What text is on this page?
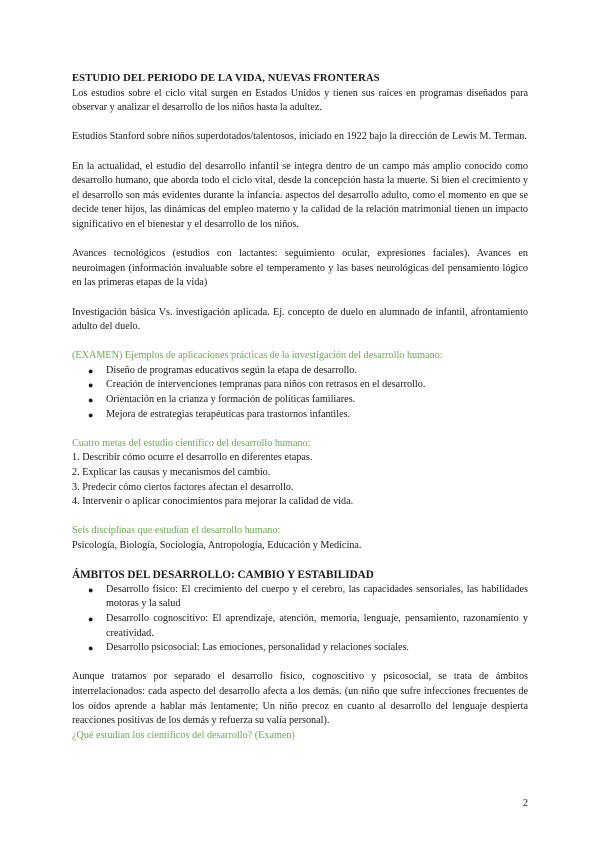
ESTUDIO DEL PERIODO DE LA VIDA, NUEVAS FRONTERAS

Los estudios sobre el ciclo vital surgen en Estados Unidos y tienen sus raíces en programas diseñados para observar y analizar el desarrollo de los niños hasta la adultez.

Estudios Stanford sobre niños superdotados/talentosos, iniciado en 1922 bajo la dirección de Lewis M. Terman.

En la actualidad, el estudio del desarrollo infantil se integra dentro de un campo más amplio conocido como desarrollo humano, que aborda todo el ciclo vital, desde la concepción hasta la muerte. Si bien el crecimiento y el desarrollo son más evidentes durante la infancia. aspectos del desarrollo adulto, como el momento en que se decide tener hijos, las dinámicas del empleo materno y la calidad de la relación matrimonial tienen un impacto significativo en el bienestar y el desarrollo de los niños.

Avances tecnológicos (estudios con lactantes: seguimiento ocular, expresiones faciales). Avances en neuroimagen (información invaluable sobre el temperamento y las bases neurológicas del pensamiento lógico en las primeras etapas de la vida)

Investigación básica Vs. investigación aplicada. Ej. concepto de duelo en alumnado de infantil, afrontamiento adulto del duelo.

(EXAMEN) Ejemplos de aplicaciones prácticas de la investigación del desarrollo humano:

● Diseño de programas educativos según la etapa de desarrollo.
● Creación de intervenciones tempranas para niños con retrasos en el desarrollo.
● Orientación en la crianza y formación de políticas familiares.
● Mejora de estrategias terapéuticas para trastornos infantiles.

Cuatro metas del estudio científico del desarrollo humano:

1. Describir cómo ocurre el desarrollo en diferentes etapas.
2. Explicar las causas y mecanismos del cambio.
3. Predecir cómo ciertos factores afectan el desarrollo.
4. Intervenir o aplicar conocimientos para mejorar la calidad de vida.

Seis disciplinas que estudian el desarrollo humano:

Psicología, Biología, Sociología, Antropología, Educación y Medicina.

ÁMBITOS DEL DESARROLLO: CAMBIO Y ESTABILIDAD

● Desarrollo físico: El crecimiento del cuerpo y el cerebro, las capacidades sensoriales, las habilidades motoras y la salud
● Desarrollo cognoscitivo: El aprendizaje, atención, memoria, lenguaje, pensamiento, razonamiento y creatividad.
● Desarrollo psicosocial: Las emociones, personalidad y relaciones sociales.

Aunque tratamos por separado el desarrollo físico, cognoscitivo y psicosocial, se trata de ámbitos interrelacionados: cada aspecto del desarrollo afecta a los demás. (un niño que sufre infecciones frecuentes de los oídos aprende a hablar más lentamente; Un niño precoz en cuanto al desarrollo del lenguaje despierta reacciones positivas de los demás y refuerza su valía personal).

¿Qué estudian los científicos del desarrollo? (Examen)

2
